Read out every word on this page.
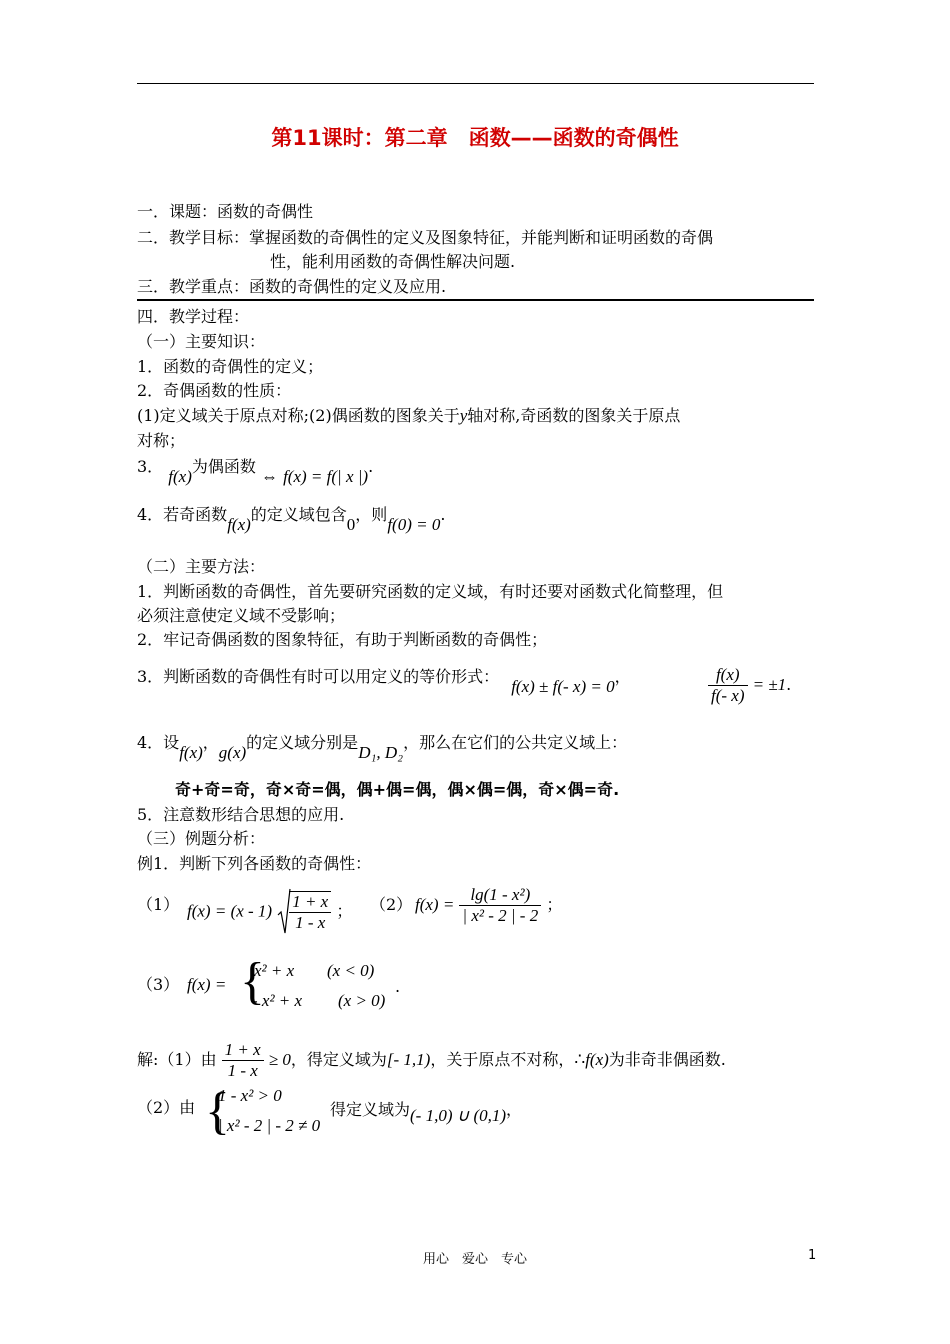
第11课时：第二章　函数——函数的奇偶性
一．课题：函数的奇偶性
二．教学目标：掌握函数的奇偶性的定义及图象特征，并能判断和证明函数的奇偶
性，能利用函数的奇偶性解决问题.
三．教学重点：函数的奇偶性的定义及应用.
四．教学过程：
（一）主要知识：
1．函数的奇偶性的定义；
2．奇偶函数的性质：
(1)定义域关于原点对称;(2)偶函数的图象关于y轴对称,奇函数的图象关于原点
对称；
3． f(x)为偶函数 ⇔ f(x) = f(| x |).
4．若奇函数f(x)的定义域包含0，则f(0) = 0.
（二）主要方法：
1．判断函数的奇偶性，首先要研究函数的定义域，有时还要对函数式化简整理，但
必须注意使定义域不受影响；
2．牢记奇偶函数的图象特征，有助于判断函数的奇偶性；
3．判断函数的奇偶性有时可以用定义的等价形式：f(x) ± f(- x) = 0，	$\frac{f(x)}{f(- x)} = \pm 1$.
4．设f(x)，g(x)的定义域分别是D₁, D₂，那么在它们的公共定义域上：
奇+奇=奇，奇×奇=偶，偶+偶=偶，偶×偶=偶，奇×偶=奇.
5．注意数形结合思想的应用.
（三）例题分析：
例1．判断下列各函数的奇偶性：
（1） $f(x) = (x - 1) \frac{1 + x}{1 - x}$ ； （2） $f(x) = \frac{\text{lg(1 - x²)}}{\text{| x² - 2 | - 2}}$ ；
（3） f(x) = {
x² + x (x < 0)
- x² + x (x > 0)
.
解:（1）由 $\frac{1 + x}{1 - x} \ge 0$，得定义域为[- 1,1)，关于原点不对称，∴f(x)为非奇非偶函数.
（2）由 {
1 - x² > 0
| x² - 2 | - 2 ≠ 0
得定义域为(- 1,0) ∪ (0,1)，
用心　爱心　专心	1
